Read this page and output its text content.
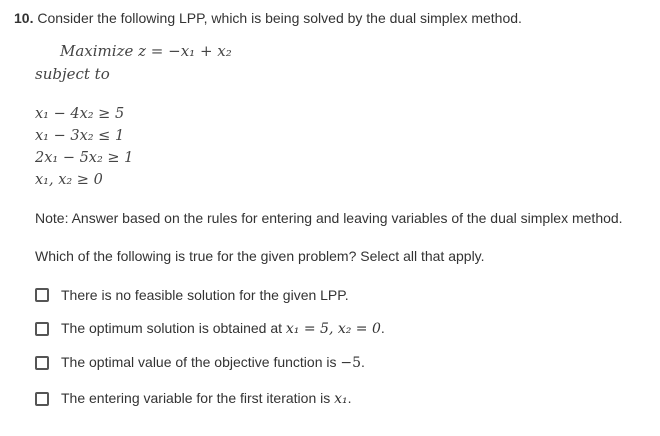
10. Consider the following LPP, which is being solved by the dual simplex method.
Maximize z = −x₁ + x₂
subject to
x₁ − 4x₂ ≥ 5
x₁ − 3x₂ ≤ 1
2x₁ − 5x₂ ≥ 1
x₁, x₂ ≥ 0
Note: Answer based on the rules for entering and leaving variables of the dual simplex method.
Which of the following is true for the given problem? Select all that apply.
There is no feasible solution for the given LPP.
The optimum solution is obtained at x₁ = 5, x₂ = 0.
The optimal value of the objective function is −5.
The entering variable for the first iteration is x₁.
